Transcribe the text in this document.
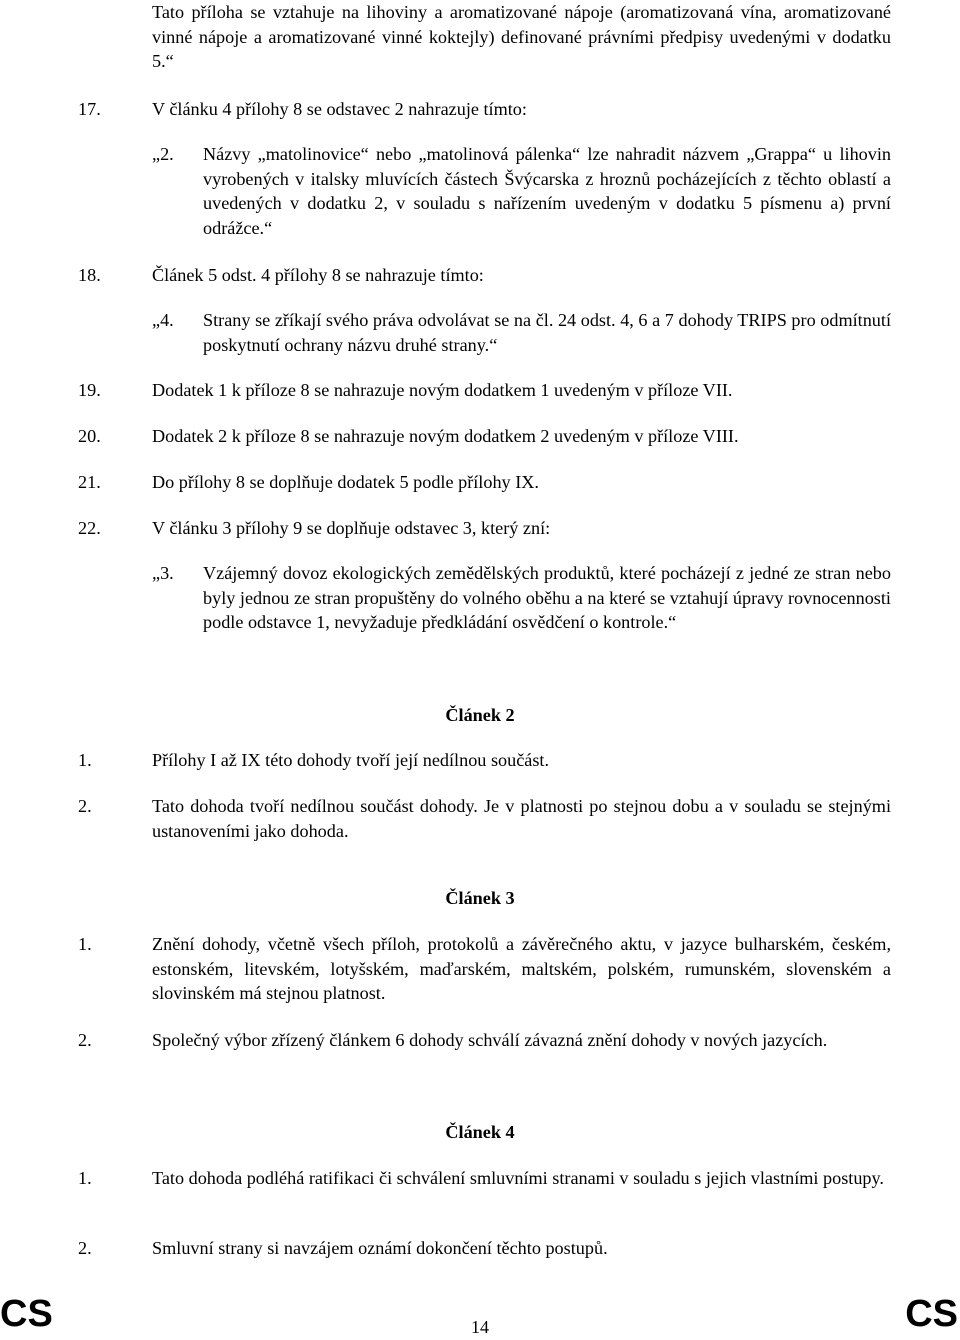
Tato příloha se vztahuje na lihoviny a aromatizované nápoje (aromatizovaná vína, aromatizované vinné nápoje a aromatizované vinné koktejly) definované právními předpisy uvedenými v dodatku 5.“
17.	V článku 4 přílohy 8 se odstavec 2 nahrazuje tímto:
„2. Názvy „matolinovice“ nebo „matolinová pálenka“ lze nahradit názvem „Grappa“ u lihovin vyrobených v italsky mluvících částech Švýcarska z hroznů pocházejících z těchto oblastí a uvedených v dodatku 2, v souladu s nařízením uvedeným v dodatku 5 písmenu a) první odrážce.“
18.	Článek 5 odst. 4 přílohy 8 se nahrazuje tímto:
„4. Strany se zříkají svého práva odvolávat se na čl. 24 odst. 4, 6 a 7 dohody TRIPS pro odmítnutí poskytnutí ochrany názvu druhé strany.“
19.	Dodatek 1 k příloze 8 se nahrazuje novým dodatkem 1 uvedeným v příloze VII.
20.	Dodatek 2 k příloze 8 se nahrazuje novým dodatkem 2 uvedeným v příloze VIII.
21.	Do přílohy 8 se doplňuje dodatek 5 podle přílohy IX.
22.	V článku 3 přílohy 9 se doplňuje odstavec 3, který zní:
„3. Vzájemný dovoz ekologických zemědělských produktů, které pocházejí z jedné ze stran nebo byly jednou ze stran propuštěny do volného oběhu a na které se vztahují úpravy rovnocennosti podle odstavce 1, nevyžaduje předkládání osvědčení o kontrole.“
Článek 2
1.	Přílohy I až IX této dohody tvoří její nedílnou součást.
2.	Tato dohoda tvoří nedílnou součást dohody. Je v platnosti po stejnou dobu a v souladu se stejnými ustanoveními jako dohoda.
Článek 3
1.	Znění dohody, včetně všech příloh, protokolů a závěrečného aktu, v jazyce bulharském, českém, estonském, litevském, lotyšském, maďarském, maltském, polském, rumunském, slovenském a slovinském má stejnou platnost.
2.	Společný výbor zřízený článkem 6 dohody schválí závazná znění dohody v nových jazycích.
Článek 4
1.	Tato dohoda podléhá ratifikaci či schválení smluvními stranami v souladu s jejich vlastními postupy.
2.	Smluvní strany si navzájem oznámí dokončení těchto postupů.
CS	14	CS
